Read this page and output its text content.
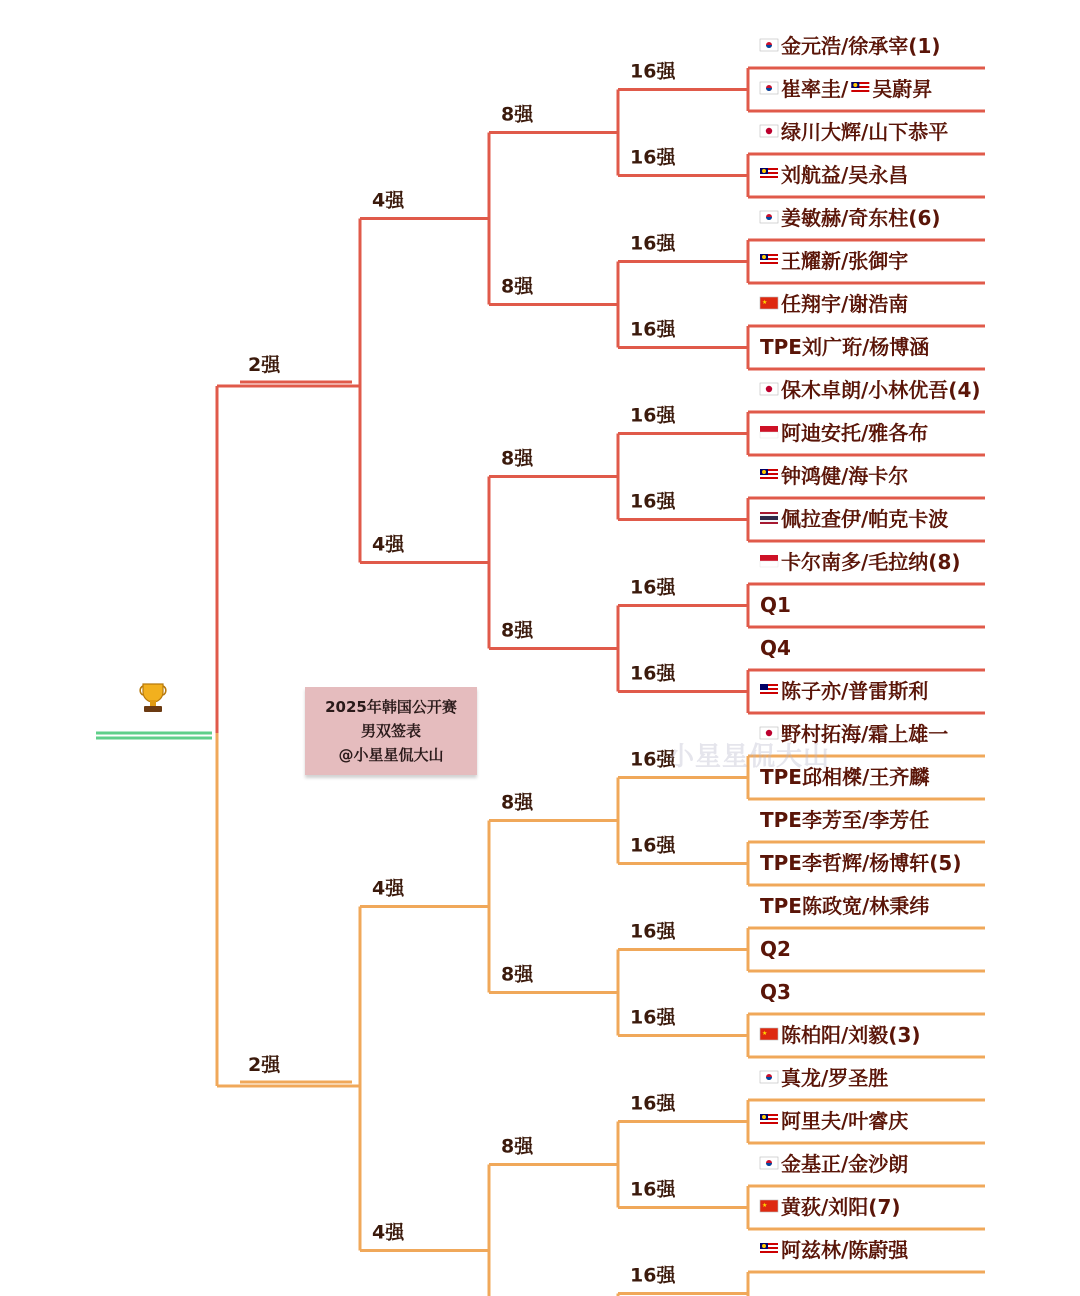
16强
16强
16强
16强
16强
16强
16强
16强
16强
16强
16强
16强
16强
16强
16强
8强
8强
8强
8强
8强
8强
8强
4强
4强
4强
4强
2强
2强
金元浩/徐承宰(1)
崔率圭/ 吴蔚昇
绿川大辉/山下恭平
刘航益/吴永昌
姜敏赫/奇东柱(6)
王耀新/张御宇
任翔宇/谢浩南
★
TPE刘广珩/杨博涵
保木卓朗/小林优吾(4)
阿迪安托/雅各布
钟鸿健/海卡尔
佩拉查伊/帕克卡波
卡尔南多/毛拉纳(8)
Q1
Q4
陈子亦/普雷斯利
野村拓海/霜上雄一
TPE邱相榤/王齐麟
TPE李芳至/李芳任
TPE李哲辉/杨博轩(5)
TPE陈政宽/林秉纬
Q2
Q3
陈柏阳/刘毅(3)
★
真龙/罗圣胜
阿里夫/叶睿庆
金基正/金沙朗
黄荻/刘阳(7)
★
阿兹林/陈蔚强
2025年韩国公开赛
男双签表
@小星星侃大山	小星星侃大山
